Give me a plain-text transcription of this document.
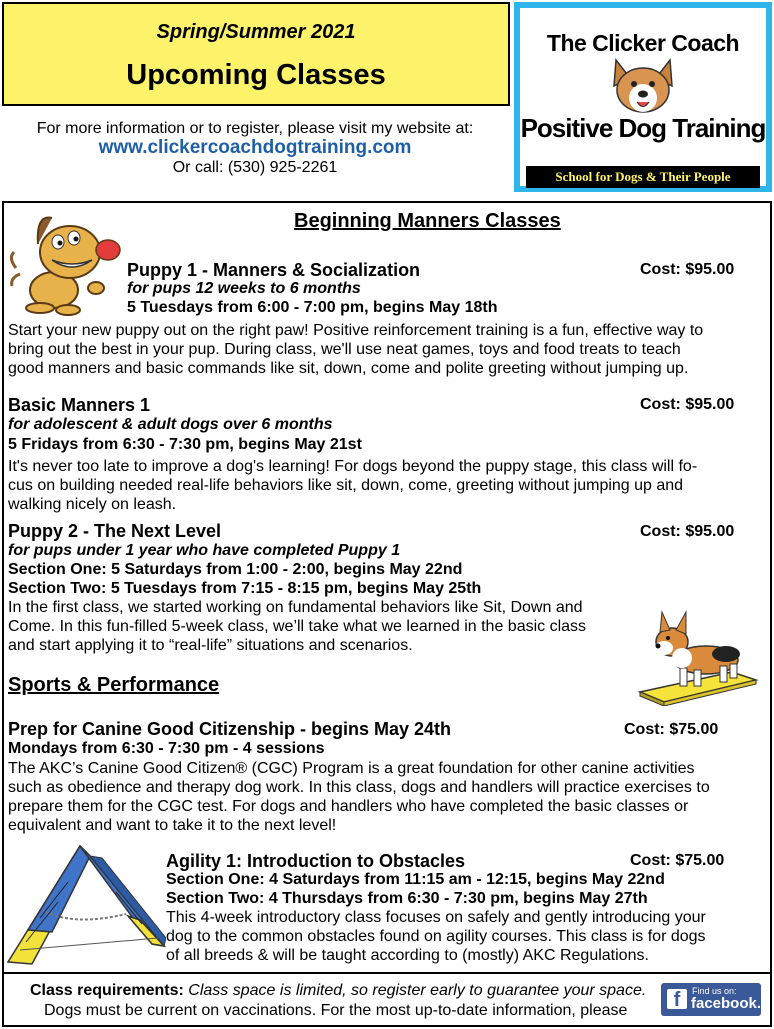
Spring/Summer 2021
Upcoming Classes
For more information or to register, please visit my website at:
www.clickercoachdogtraining.com
Or call: (530) 925-2261
The Clicker Coach
Positive Dog Training
School for Dogs & Their People
Beginning Manners Classes
Puppy 1 - Manners & Socialization	Cost: $95.00
for pups 12 weeks to 6 months
5 Tuesdays from 6:00 - 7:00 pm, begins May 18th
Start your new puppy out on the right paw! Positive reinforcement training is a fun, effective way to
bring out the best in your pup. During class, we'll use neat games, toys and food treats to teach
good manners and basic commands like sit, down, come and polite greeting without jumping up.
Basic Manners 1	Cost: $95.00
for adolescent & adult dogs over 6 months
5 Fridays from 6:30 - 7:30 pm, begins May 21st
It's never too late to improve a dog's learning! For dogs beyond the puppy stage, this class will fo-
cus on building needed real-life behaviors like sit, down, come, greeting without jumping up and
walking nicely on leash.
Puppy 2 - The Next Level	Cost: $95.00
for pups under 1 year who have completed Puppy 1
Section One: 5 Saturdays from 1:00 - 2:00, begins May 22nd
Section Two: 5 Tuesdays from 7:15 - 8:15 pm, begins May 25th
In the first class, we started working on fundamental behaviors like Sit, Down and
Come. In this fun-filled 5-week class, we’ll take what we learned in the basic class
and start applying it to “real-life” situations and scenarios.
Sports & Performance
Prep for Canine Good Citizenship - begins May 24th	Cost: $75.00
Mondays from 6:30 - 7:30 pm - 4 sessions
The AKC’s Canine Good Citizen® (CGC) Program is a great foundation for other canine activities
such as obedience and therapy dog work. In this class, dogs and handlers will practice exercises to
prepare them for the CGC test. For dogs and handlers who have completed the basic classes or
equivalent and want to take it to the next level!
Agility 1: Introduction to Obstacles	Cost: $75.00
Section One: 4 Saturdays from 11:15 am - 12:15, begins May 22nd
Section Two: 4 Thursdays from 6:30 - 7:30 pm, begins May 27th
This 4-week introductory class focuses on safely and gently introducing your
dog to the common obstacles found on agility courses. This class is for dogs
of all breeds & will be taught according to (mostly) AKC Regulations.
Class requirements: Class space is limited, so register early to guarantee your space.
Dogs must be current on vaccinations. For the most up-to-date information, please	f	Find us on:
facebook.
